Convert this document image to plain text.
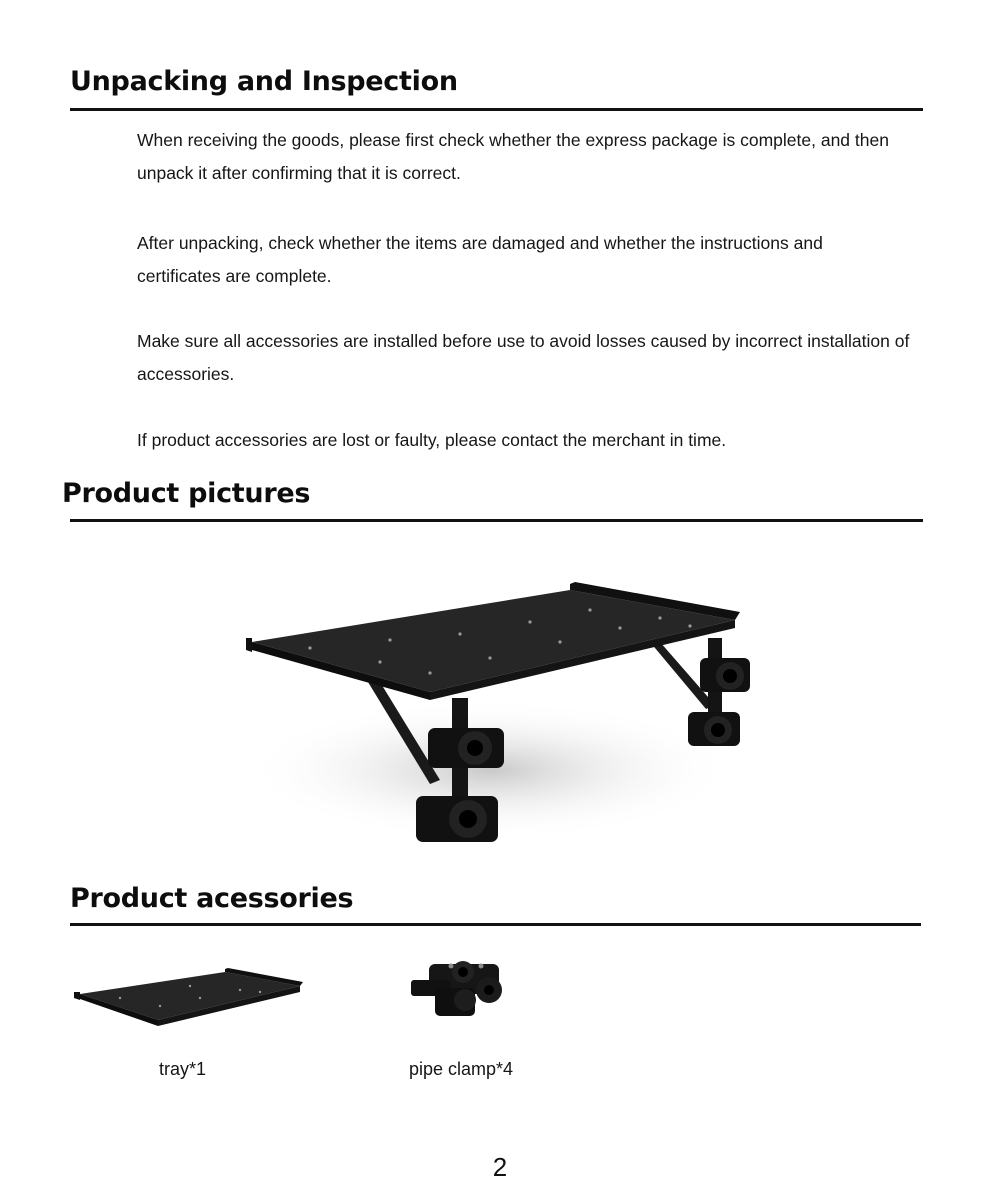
Unpacking and Inspection

When receiving the goods, please first check whether the express package is complete, and then unpack it after confirming that it is correct.

After unpacking, check whether the items are damaged and whether the instructions and certificates are complete.

Make sure all accessories are installed before use to avoid losses caused by incorrect installation of accessories.

If product accessories are lost or faulty, please contact the merchant in time.

Product pictures
Product acessories

tray*1	pipe clamp*4

2
